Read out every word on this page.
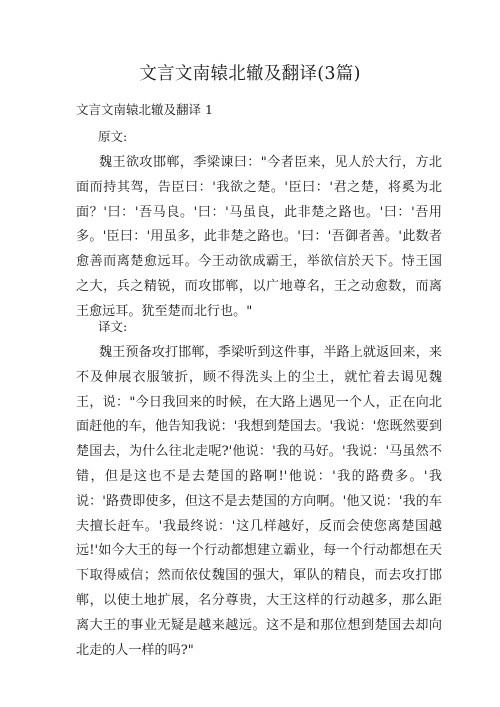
文言文南辕北辙及翻译(3篇)
文言文南辕北辙及翻译 1
原文:

魏王欲攻邯郸，季梁谏曰："今者臣来，见人於大行，方北面而持其驾，告臣曰：'我欲之楚。'臣曰：'君之楚，将奚为北面？'曰：'吾马良。'曰：'马虽良，此非楚之路也。'曰：'吾用多。'臣曰：'用虽多，此非楚之路也。'曰：'吾御者善。'此数者愈善而离楚愈远耳。今王动欲成霸王，举欲信於天下。恃王国之大，兵之精锐，而攻邯郸，以广地尊名，王之动愈数，而离王愈远耳。犹至楚而北行也。"

译文:

魏王预备攻打邯郸，季梁听到这件事，半路上就返回来，来不及伸展衣服皱折，顾不得洗头上的尘土，就忙着去谒见魏王，说："今日我回来的时候，在大路上遇见一个人，正在向北面赶他的车，他告知我说：'我想到楚国去。'我说：'您既然要到楚国去，为什么往北走呢?'他说：'我的马好。'我说：'马虽然不错，但是这也不是去楚国的路啊!'他说：'我的路费多。'我说：'路费即使多，但这不是去楚国的方向啊。'他又说：'我的车夫擅长赶车。'我最终说：'这几样越好，反而会使您离楚国越远!'如今大王的每一个行动都想建立霸业，每一个行动都想在天下取得威信；然而依仗魏国的强大，軍队的精良，而去攻打邯郸，以使土地扩展，名分尊贵，大王这样的行动越多，那么距离大王的事业无疑是越来越远。这不是和那位想到楚国去却向北走的人一样的吗?"
